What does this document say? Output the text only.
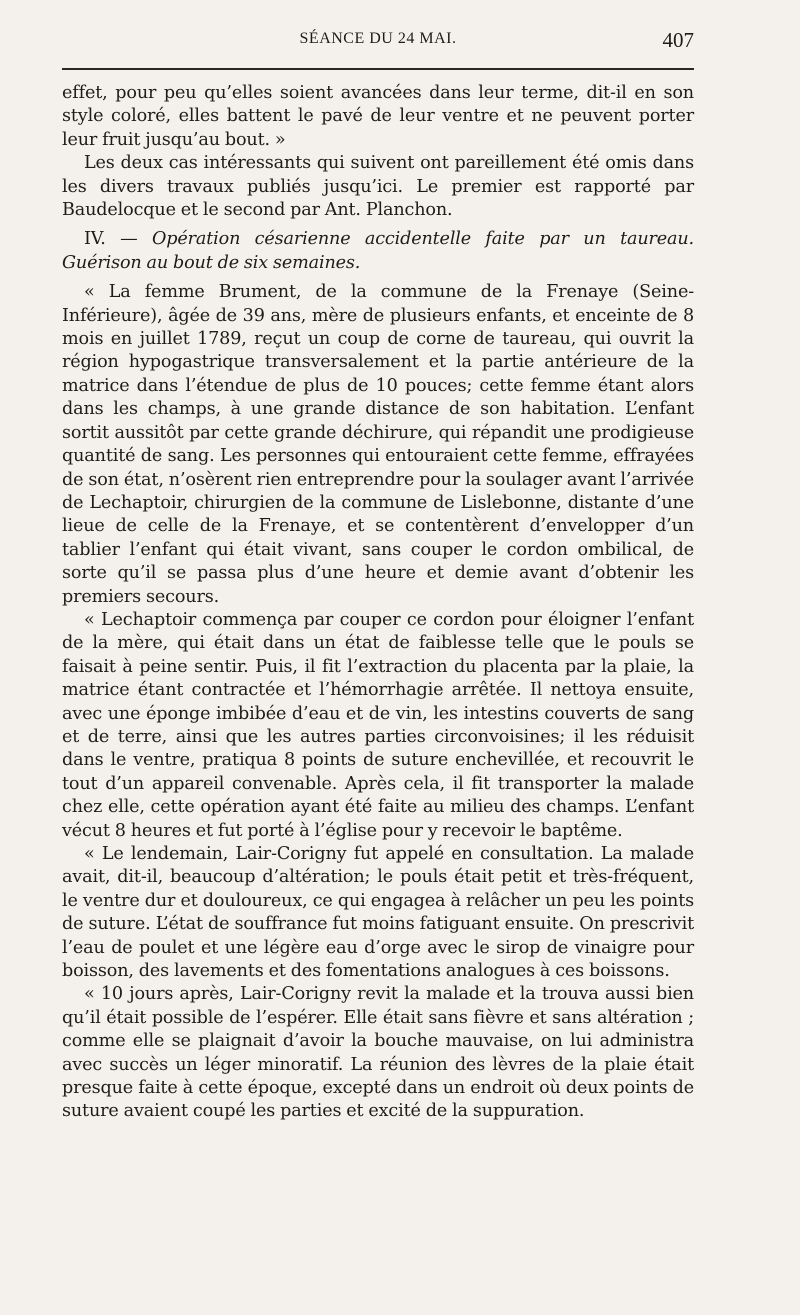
SÉANCE DU 24 MAI.	407

effet, pour peu qu’elles soient avancées dans leur terme, dit-il en son style coloré, elles battent le pavé de leur ventre et ne peuvent porter leur fruit jusqu’au bout. »

Les deux cas intéressants qui suivent ont pareillement été omis dans les divers travaux publiés jusqu’ici. Le premier est rapporté par Baudelocque et le second par Ant. Planchon.

IV. — Opération césarienne accidentelle faite par un taureau. Guérison au bout de six semaines.

« La femme Brument, de la commune de la Frenaye (Seine-Inférieure), âgée de 39 ans, mère de plusieurs enfants, et enceinte de 8 mois en juillet 1789, reçut un coup de corne de taureau, qui ouvrit la région hypogastrique transversalement et la partie antérieure de la matrice dans l’étendue de plus de 10 pouces; cette femme étant alors dans les champs, à une grande distance de son habitation. L’enfant sortit aussitôt par cette grande déchirure, qui répandit une prodigieuse quantité de sang. Les personnes qui entouraient cette femme, effrayées de son état, n’osèrent rien entreprendre pour la soulager avant l’arrivée de Lechaptoir, chirurgien de la commune de Lislebonne, distante d’une lieue de celle de la Frenaye, et se contentèrent d’envelopper d’un tablier l’enfant qui était vivant, sans couper le cordon ombilical, de sorte qu’il se passa plus d’une heure et demie avant d’obtenir les premiers secours.

« Lechaptoir commença par couper ce cordon pour éloigner l’enfant de la mère, qui était dans un état de faiblesse telle que le pouls se faisait à peine sentir. Puis, il fit l’extraction du placenta par la plaie, la matrice étant contractée et l’hémorrhagie arrêtée. Il nettoya ensuite, avec une éponge imbibée d’eau et de vin, les intestins couverts de sang et de terre, ainsi que les autres parties circonvoisines; il les réduisit dans le ventre, pratiqua 8 points de suture enchevillée, et recouvrit le tout d’un appareil convenable. Après cela, il fit transporter la malade chez elle, cette opération ayant été faite au milieu des champs. L’enfant vécut 8 heures et fut porté à l’église pour y recevoir le baptême.

« Le lendemain, Lair-Corigny fut appelé en consultation. La malade avait, dit-il, beaucoup d’altération; le pouls était petit et très-fréquent, le ventre dur et douloureux, ce qui engagea à relâcher un peu les points de suture. L’état de souffrance fut moins fatiguant ensuite. On prescrivit l’eau de poulet et une légère eau d’orge avec le sirop de vinaigre pour boisson, des lavements et des fomentations analogues à ces boissons.

« 10 jours après, Lair-Corigny revit la malade et la trouva aussi bien qu’il était possible de l’espérer. Elle était sans fièvre et sans altération ; comme elle se plaignait d’avoir la bouche mauvaise, on lui administra avec succès un léger minoratif. La réunion des lèvres de la plaie était presque faite à cette époque, excepté dans un endroit où deux points de suture avaient coupé les parties et excité de la suppuration.
